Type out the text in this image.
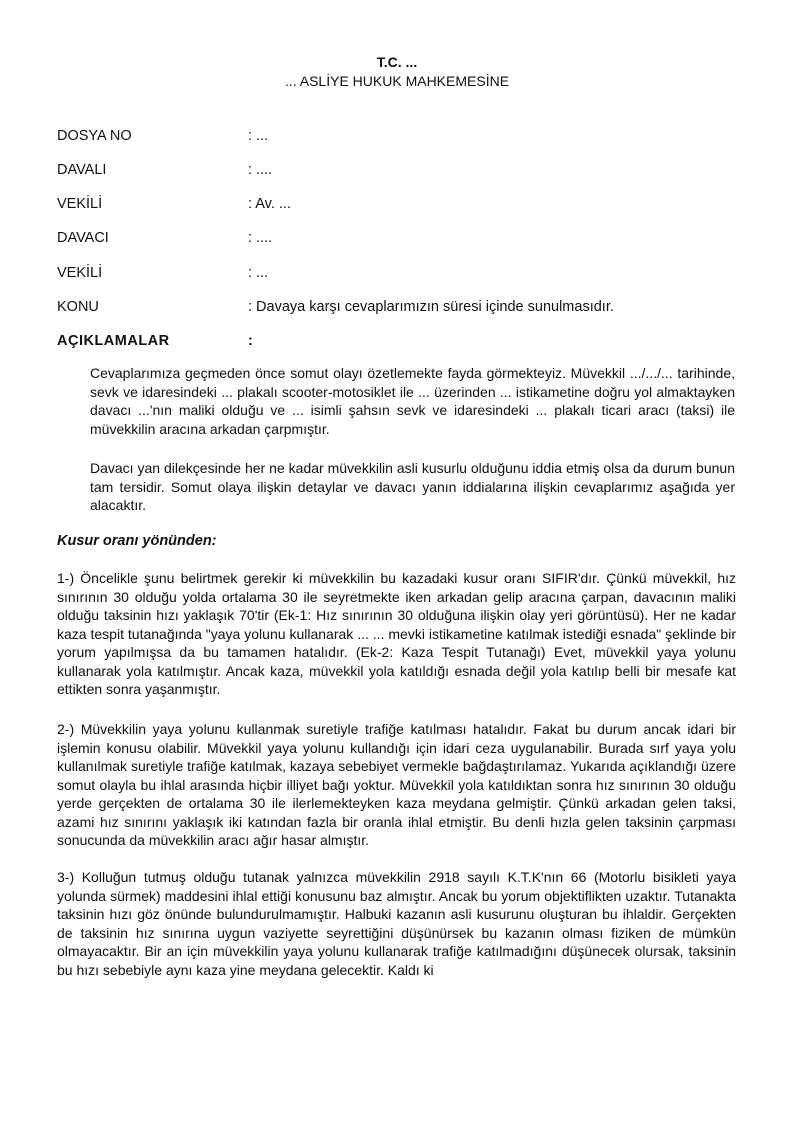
T.C. ...
... ASLİYE HUKUK MAHKEMESİNE
DOSYA NO	: ...
DAVALI	: ....
VEKİLİ	: Av. ...
DAVACI	: ....
VEKİLİ	: ...
KONU	: Davaya karşı cevaplarımızın süresi içinde sunulmasıdır.
AÇIKLAMALAR	:

Cevaplarımıza geçmeden önce somut olayı özetlemekte fayda görmekteyiz. Müvekkil .../.../... tarihinde, sevk ve idaresindeki ... plakalı scooter-motosiklet ile ... üzerinden ... istikametine doğru yol almaktayken davacı ...'nın maliki olduğu ve ... isimli şahsın sevk ve idaresindeki ... plakalı ticari aracı (taksi) ile müvekkilin aracına arkadan çarpmıştır.

Davacı yan dilekçesinde her ne kadar müvekkilin asli kusurlu olduğunu iddia etmiş olsa da durum bunun tam tersidir. Somut olaya ilişkin detaylar ve davacı yanın iddialarına ilişkin cevaplarımız aşağıda yer alacaktır.

Kusur oranı yönünden:

1-) Öncelikle şunu belirtmek gerekir ki müvekkilin bu kazadaki kusur oranı SIFIR'dır. Çünkü müvekkil, hız sınırının 30 olduğu yolda ortalama 30 ile seyretmekte iken arkadan gelip aracına çarpan, davacının maliki olduğu taksinin hızı yaklaşık 70'tir (Ek-1: Hız sınırının 30 olduğuna ilişkin olay yeri görüntüsü). Her ne kadar kaza tespit tutanağında "yaya yolunu kullanarak ... ... mevki istikametine katılmak istediği esnada" şeklinde bir yorum yapılmışsa da bu tamamen hatalıdır. (Ek-2: Kaza Tespit Tutanağı) Evet, müvekkil yaya yolunu kullanarak yola katılmıştır. Ancak kaza, müvekkil yola katıldığı esnada değil yola katılıp belli bir mesafe kat ettikten sonra yaşanmıştır.

2-) Müvekkilin yaya yolunu kullanmak suretiyle trafiğe katılması hatalıdır. Fakat bu durum ancak idari bir işlemin konusu olabilir. Müvekkil yaya yolunu kullandığı için idari ceza uygulanabilir. Burada sırf yaya yolu kullanılmak suretiyle trafiğe katılmak, kazaya sebebiyet vermekle bağdaştırılamaz. Yukarıda açıklandığı üzere somut olayla bu ihlal arasında hiçbir illiyet bağı yoktur. Müvekkil yola katıldıktan sonra hız sınırının 30 olduğu yerde gerçekten de ortalama 30 ile ilerlemekteyken kaza meydana gelmiştir. Çünkü arkadan gelen taksi, azami hız sınırını yaklaşık iki katından fazla bir oranla ihlal etmiştir. Bu denli hızla gelen taksinin çarpması sonucunda da müvekkilin aracı ağır hasar almıştır.

3-) Kolluğun tutmuş olduğu tutanak yalnızca müvekkilin 2918 sayılı K.T.K'nın 66 (Motorlu bisikleti yaya yolunda sürmek) maddesini ihlal ettiği konusunu baz almıştır. Ancak bu yorum objektiflikten uzaktır. Tutanakta taksinin hızı göz önünde bulundurulmamıştır. Halbuki kazanın asli kusurunu oluşturan bu ihlaldir. Gerçekten de taksinin hız sınırına uygun vaziyette seyrettiğini düşünürsek bu kazanın olması fiziken de mümkün olmayacaktır. Bir an için müvekkilin yaya yolunu kullanarak trafiğe katılmadığını düşünecek olursak, taksinin bu hızı sebebiyle aynı kaza yine meydana gelecektir. Kaldı ki
